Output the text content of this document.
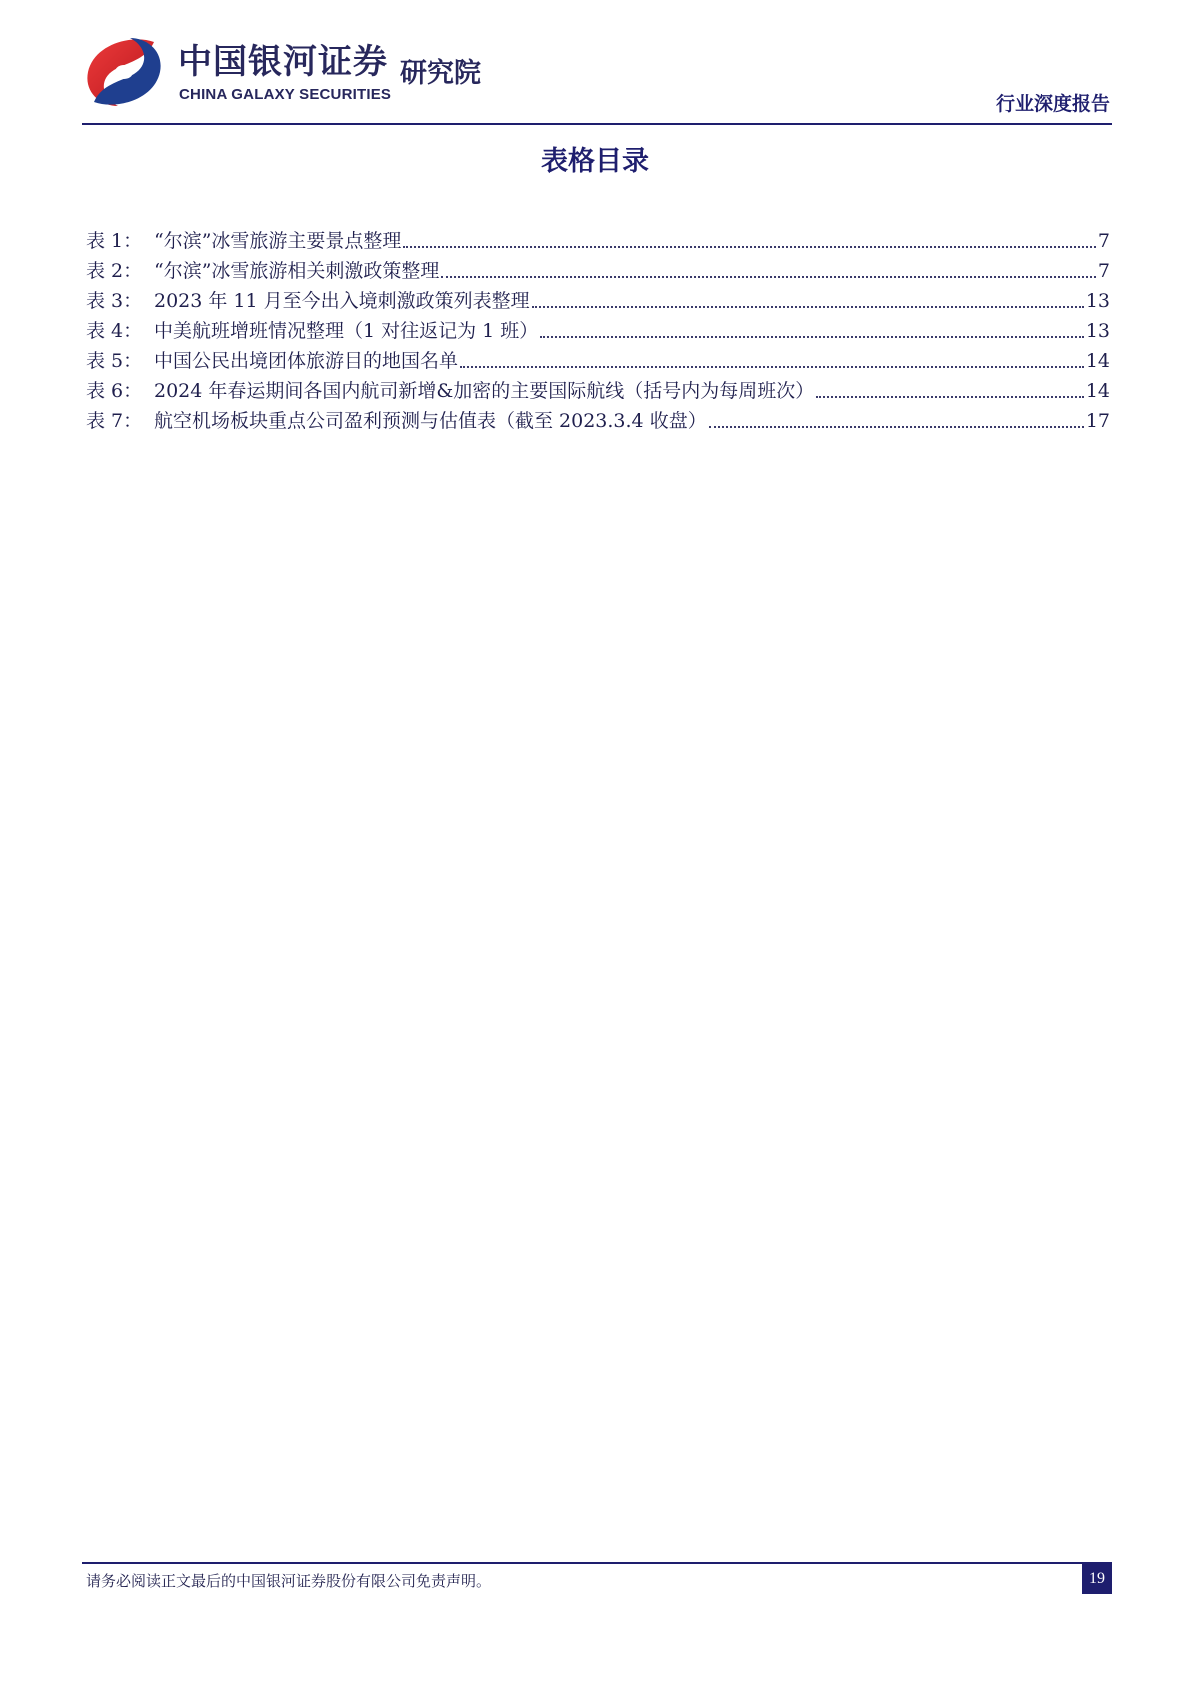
中国银河证券
CHINA GALAXY SECURITIES
研究院
行业深度报告
表格目录
表 1： “尔滨”冰雪旅游主要景点整理	7
表 2： “尔滨”冰雪旅游相关刺激政策整理	7
表 3： 2023 年 11 月至今出入境刺激政策列表整理	13
表 4： 中美航班增班情况整理（1 对往返记为 1 班）	13
表 5： 中国公民出境团体旅游目的地国名单	14
表 6： 2024 年春运期间各国内航司新增&加密的主要国际航线（括号内为每周班次）	14
表 7： 航空机场板块重点公司盈利预测与估值表（截至 2023.3.4 收盘）	17
请务必阅读正文最后的中国银河证券股份有限公司免责声明。	19
